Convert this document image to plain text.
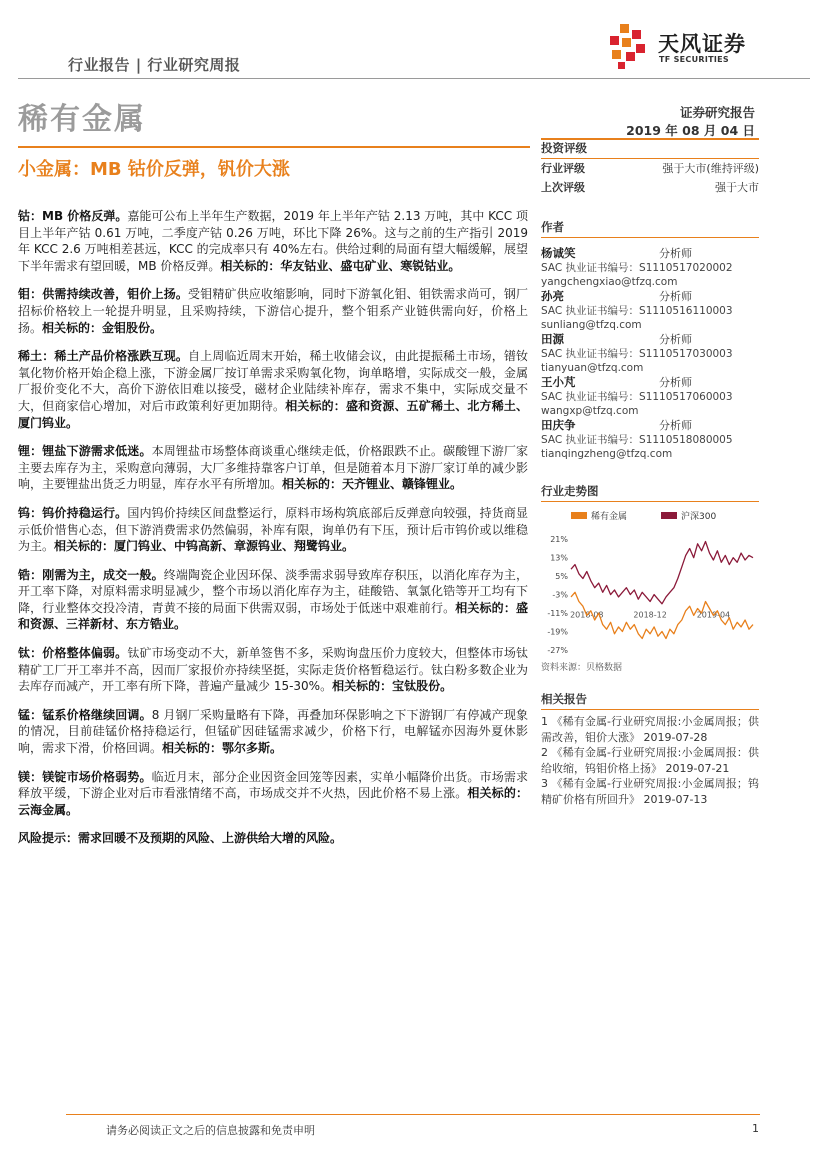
行业报告 | 行业研究周报
天风证券
TF SECURITIES
稀有金属	证券研究报告
2019 年 08 月 04 日
小金属：MB 钴价反弹，钒价大涨

钴：MB 价格反弹。嘉能可公布上半年生产数据，2019 年上半年产钴 2.13 万吨，其中 KCC 项目上半年产钴 0.61 万吨，二季度产钴 0.26 万吨，环比下降 26%。这与之前的生产指引 2019 年 KCC 2.6 万吨相差甚远，KCC 的完成率只有 40%左右。供给过剩的局面有望大幅缓解，展望下半年需求有望回暖，MB 价格反弹。相关标的：华友钴业、盛屯矿业、寒锐钴业。

钼：供需持续改善，钼价上扬。受钼精矿供应收缩影响，同时下游氧化钼、钼铁需求尚可，钢厂招标价格较上一轮提升明显，且采购持续，下游信心提升，整个钼系产业链供需向好，价格上扬。相关标的：金钼股份。

稀土：稀土产品价格涨跌互现。自上周临近周末开始，稀土收储会议，由此提振稀土市场，镨钕氧化物价格开始企稳上涨，下游金属厂按订单需求采购氧化物，询单略增，实际成交一般，金属厂报价变化不大，高价下游依旧难以接受，磁材企业陆续补库存，需求不集中，实际成交量不大，但商家信心增加，对后市政策利好更加期待。相关标的：盛和资源、五矿稀土、北方稀土、厦门钨业。

锂：锂盐下游需求低迷。本周锂盐市场整体商谈重心继续走低，价格跟跌不止。碳酸锂下游厂家主要去库存为主，采购意向薄弱，大厂多维持靠客户订单，但是随着本月下游厂家订单的减少影响，主要锂盐出货乏力明显，库存水平有所增加。相关标的：天齐锂业、赣锋锂业。

钨：钨价持稳运行。国内钨价持续区间盘整运行，原料市场构筑底部后反弹意向较强，持货商显示低价惜售心态，但下游消费需求仍然偏弱，补库有限，询单仍有下压，预计后市钨价或以维稳为主。相关标的：厦门钨业、中钨高新、章源钨业、翔鹭钨业。

锆：刚需为主，成交一般。终端陶瓷企业因环保、淡季需求弱导致库存积压，以消化库存为主，开工率下降，对原料需求明显减少，整个市场以消化库存为主，硅酸锆、氧氯化锆等开工均有下降，行业整体交投冷清，青黄不接的局面下供需双弱，市场处于低迷中艰难前行。相关标的：盛和资源、三祥新材、东方锆业。

钛：价格整体偏弱。钛矿市场变动不大，新单签售不多，采购询盘压价力度较大，但整体市场钛精矿工厂开工率并不高，因而厂家报价亦持续坚挺，实际走货价格暂稳运行。钛白粉多数企业为去库存而减产，开工率有所下降，普遍产量减少 15-30%。相关标的：宝钛股份。

锰：锰系价格继续回调。8 月钢厂采购量略有下降，再叠加环保影响之下下游钢厂有停减产现象的情况，目前硅锰价格持稳运行，但锰矿因硅锰需求减少，价格下行，电解锰亦因海外夏休影响，需求下滑，价格回调。相关标的：鄂尔多斯。

镁：镁锭市场价格弱势。临近月末，部分企业因资金回笼等因素，实单小幅降价出货。市场需求释放平缓，下游企业对后市看涨情绪不高，市场成交并不火热，因此价格不易上涨。相关标的：云海金属。

风险提示：需求回暖不及预期的风险、上游供给大增的风险。

投资评级
行业评级	强于大市(维持评级)
上次评级	强于大市
作者
杨诚笑	分析师
SAC 执业证书编号：S1110517020002
yangchengxiao@tfzq.com
孙亮	分析师
SAC 执业证书编号：S1110516110003
sunliang@tfzq.com
田源	分析师
SAC 执业证书编号：S1110517030003
tianyuan@tfzq.com
王小芃	分析师
SAC 执业证书编号：S1110517060003
wangxp@tfzq.com
田庆争	分析师
SAC 执业证书编号：S1110518080005
tianqingzheng@tfzq.com
行业走势图
稀有金属	沪深300
21%
13%
5%
-3%
-11%
-19%
-27%
2018-08	2018-12	2019-04
资料来源：贝格数据
相关报告
1 《稀有金属-行业研究周报:小金属周报；供需改善，钼价大涨》 2019-07-28
2 《稀有金属-行业研究周报:小金属周报：供给收缩，钨钼价格上扬》 2019-07-21
3 《稀有金属-行业研究周报:小金属周报；钨精矿价格有所回升》 2019-07-13
请务必阅读正文之后的信息披露和免责申明	1
